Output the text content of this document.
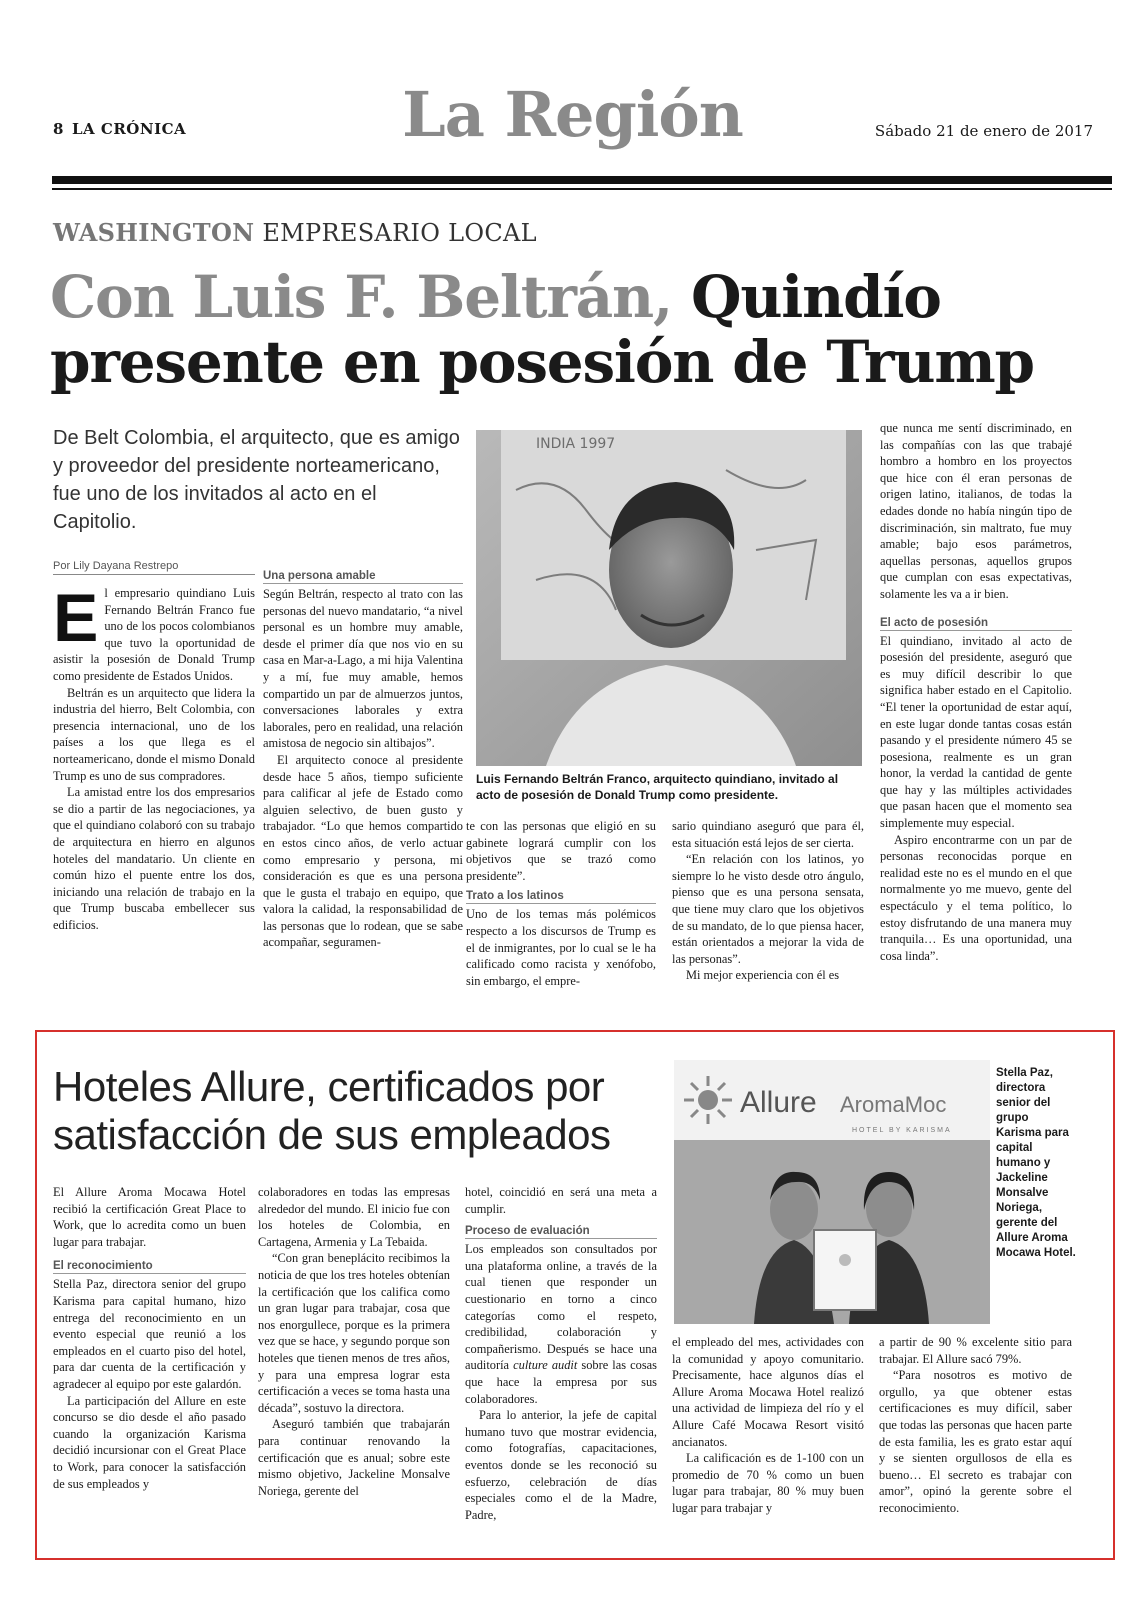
8 LA CRÓNICA	La Región	Sábado 21 de enero de 2017
WASHINGTON EMPRESARIO LOCAL
Con Luis F. Beltrán, Quindío
presente en posesión de Trump
De Belt Colombia, el arquitecto, que es amigo y proveedor del presidente norteamericano, fue uno de los invitados al acto en el Capitolio.
Por Lily Dayana Restrepo

El empresario quindiano Luis Fernando Beltrán Franco fue uno de los pocos colombianos que tuvo la oportunidad de asistir la posesión de Donald Trump como presidente de Estados Unidos.

Beltrán es un arquitecto que lidera la industria del hierro, Belt Colombia, con presencia internacional, uno de los países a los que llega es el norteamericano, donde el mismo Donald Trump es uno de sus compradores.

La amistad entre los dos empresarios se dio a partir de las negociaciones, ya que el quindiano colaboró con su trabajo de arquitectura en hierro en algunos hoteles del mandatario. Un cliente en común hizo el puente entre los dos, iniciando una relación de trabajo en la que Trump buscaba embellecer sus edificios.

Una persona amable

Según Beltrán, respecto al trato con las personas del nuevo mandatario, “a nivel personal es un hombre muy amable, desde el primer día que nos vio en su casa en Mar-a-Lago, a mi hija Valentina y a mí, fue muy amable, hemos compartido un par de almuerzos juntos, conversaciones laborales y extra laborales, pero en realidad, una relación amistosa de negocio sin altibajos”.

El arquitecto conoce al presidente desde hace 5 años, tiempo suficiente para calificar al jefe de Estado como alguien selectivo, de buen gusto y trabajador. “Lo que hemos compartido en estos cinco años, de verlo actuar como empresario y persona, mi consideración es que es una persona que le gusta el trabajo en equipo, que valora la calidad, la responsabilidad de las personas que lo rodean, que se sabe acompañar, seguramen-

INDIA 1997
Luis Fernando Beltrán Franco, arquitecto quindiano, invitado al acto de posesión de Donald Trump como presidente.

te con las personas que eligió en su gabinete logrará cumplir con los objetivos que se trazó como presidente”.

Trato a los latinos

Uno de los temas más polémicos respecto a los discursos de Trump es el de inmigrantes, por lo cual se le ha calificado como racista y xenófobo, sin embargo, el empre-

sario quindiano aseguró que para él, esta situación está lejos de ser cierta.

“En relación con los latinos, yo siempre lo he visto desde otro ángulo, pienso que es una persona sensata, que tiene muy claro que los objetivos de su mandato, de lo que piensa hacer, están orientados a mejorar la vida de las personas”.

Mi mejor experiencia con él es

que nunca me sentí discriminado, en las compañías con las que trabajé hombro a hombro en los proyectos que hice con él eran personas de origen latino, italianos, de todas la edades donde no había ningún tipo de discriminación, sin maltrato, fue muy amable; bajo esos parámetros, aquellas personas, aquellos grupos que cumplan con esas expectativas, solamente les va a ir bien.

El acto de posesión

El quindiano, invitado al acto de posesión del presidente, aseguró que es muy difícil describir lo que significa haber estado en el Capitolio. “El tener la oportunidad de estar aquí, en este lugar donde tantas cosas están pasando y el presidente número 45 se posesiona, realmente es un gran honor, la verdad la cantidad de gente que hay y las múltiples actividades que pasan hacen que el momento sea simplemente muy especial.

Aspiro encontrarme con un par de personas reconocidas porque en realidad este no es el mundo en el que normalmente yo me muevo, gente del espectáculo y el tema político, lo estoy disfrutando de una manera muy tranquila… Es una oportunidad, una cosa linda”.

Hoteles Allure, certificados por satisfacción de sus empleados

El Allure Aroma Mocawa Hotel recibió la certificación Great Place to Work, que lo acredita como un buen lugar para trabajar.

El reconocimiento

Stella Paz, directora senior del grupo Karisma para capital humano, hizo entrega del reconocimiento en un evento especial que reunió a los empleados en el cuarto piso del hotel, para dar cuenta de la certificación y agradecer al equipo por este galardón.

La participación del Allure en este concurso se dio desde el año pasado cuando la organización Karisma decidió incursionar con el Great Place to Work, para conocer la satisfacción de sus empleados y

colaboradores en todas las empresas alrededor del mundo. El inicio fue con los hoteles de Colombia, en Cartagena, Armenia y La Tebaida.

“Con gran beneplácito recibimos la noticia de que los tres hoteles obtenían la certificación que los califica como un gran lugar para trabajar, cosa que nos enorgullece, porque es la primera vez que se hace, y segundo porque son hoteles que tienen menos de tres años, y para una empresa lograr esta certificación a veces se toma hasta una década”, sostuvo la directora.

Aseguró también que trabajarán para continuar renovando la certificación que es anual; sobre este mismo objetivo, Jackeline Monsalve Noriega, gerente del

hotel, coincidió en será una meta a cumplir.

Proceso de evaluación

Los empleados son consultados por una plataforma online, a través de la cual tienen que responder un cuestionario en torno a cinco categorías como el respeto, credibilidad, colaboración y compañerismo. Después se hace una auditoría culture audit sobre las cosas que hace la empresa por sus colaboradores.

Para lo anterior, la jefe de capital humano tuvo que mostrar evidencia, como fotografías, capacitaciones, eventos donde se les reconoció su esfuerzo, celebración de días especiales como el de la Madre, Padre,

Allure AromaMoc
HOTEL BY KARISMA
Stella Paz, directora senior del grupo Karisma para capital humano y Jackeline Monsalve Noriega, gerente del Allure Aroma Mocawa Hotel.

el empleado del mes, actividades con la comunidad y apoyo comunitario. Precisamente, hace algunos días el Allure Aroma Mocawa Hotel realizó una actividad de limpieza del río y el Allure Café Mocawa Resort visitó ancianatos.

La calificación es de 1-100 con un promedio de 70 % como un buen lugar para trabajar, 80 % muy buen lugar para trabajar y

a partir de 90 % excelente sitio para trabajar. El Allure sacó 79%.

“Para nosotros es motivo de orgullo, ya que obtener estas certificaciones es muy difícil, saber que todas las personas que hacen parte de esta familia, les es grato estar aquí y se sienten orgullosos de ella es bueno… El secreto es trabajar con amor”, opinó la gerente sobre el reconocimiento.
